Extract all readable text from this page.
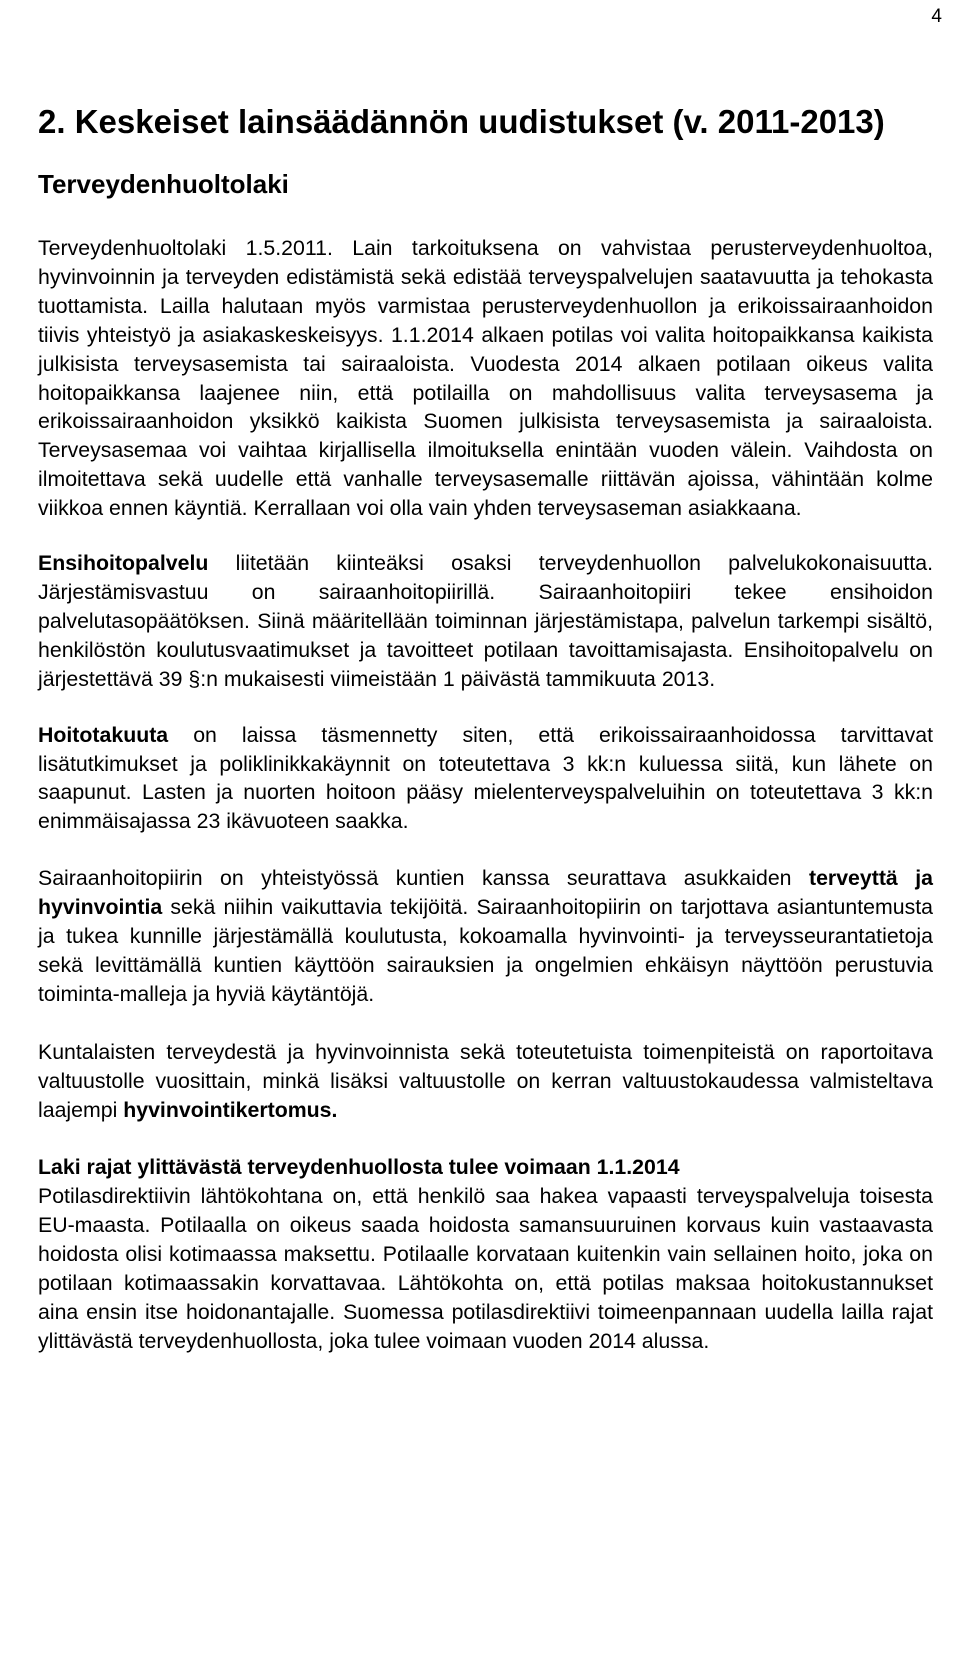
4
2. Keskeiset lainsäädännön uudistukset (v. 2011-2013)
Terveydenhuoltolaki

Terveydenhuoltolaki 1.5.2011. Lain tarkoituksena on vahvistaa perusterveydenhuoltoa, hyvinvoinnin ja terveyden edistämistä sekä edistää terveyspalvelujen saatavuutta ja tehokasta tuottamista. Lailla halutaan myös varmistaa perusterveydenhuollon ja erikoissairaanhoidon tiivis yhteistyö ja asiakaskeskeisyys. 1.1.2014 alkaen potilas voi valita hoitopaikkansa kaikista julkisista terveysasemista tai sairaaloista. Vuodesta 2014 alkaen potilaan oikeus valita hoitopaikkansa laajenee niin, että potilailla on mahdollisuus valita terveysasema ja erikoissairaanhoidon yksikkö kaikista Suomen julkisista terveysasemista ja sairaaloista. Terveysasemaa voi vaihtaa kirjallisella ilmoituksella enintään vuoden välein. Vaihdosta on ilmoitettava sekä uudelle että vanhalle terveysasemalle riittävän ajoissa, vähintään kolme viikkoa ennen käyntiä. Kerrallaan voi olla vain yhden terveysaseman asiakkaana.

Ensihoitopalvelu liitetään kiinteäksi osaksi terveydenhuollon palvelukokonaisuutta. Järjestämisvastuu on sairaanhoitopiirillä. Sairaanhoitopiiri tekee ensihoidon palvelutasopäätöksen. Siinä määritellään toiminnan järjestämistapa, palvelun tarkempi sisältö, henkilöstön koulutusvaatimukset ja tavoitteet potilaan tavoittamisajasta. Ensihoitopalvelu on järjestettävä 39 §:n mukaisesti viimeistään 1 päivästä tammikuuta 2013.

Hoitotakuuta on laissa täsmennetty siten, että erikoissairaanhoidossa tarvittavat lisätutkimukset ja poliklinikkakäynnit on toteutettava 3 kk:n kuluessa siitä, kun lähete on saapunut. Lasten ja nuorten hoitoon pääsy mielenterveyspalveluihin on toteutettava 3 kk:n enimmäisajassa 23 ikävuoteen saakka.

Sairaanhoitopiirin on yhteistyössä kuntien kanssa seurattava asukkaiden terveyttä ja hyvinvointia sekä niihin vaikuttavia tekijöitä. Sairaanhoitopiirin on tarjottava asiantuntemusta ja tukea kunnille järjestämällä koulutusta, kokoamalla hyvinvointi- ja terveysseurantatietoja sekä levittämällä kuntien käyttöön sairauksien ja ongelmien ehkäisyn näyttöön perustuvia toiminta-malleja ja hyviä käytäntöjä.

Kuntalaisten terveydestä ja hyvinvoinnista sekä toteutetuista toimenpiteistä on raportoitava valtuustolle vuosittain, minkä lisäksi valtuustolle on kerran valtuustokaudessa valmisteltava laajempi hyvinvointikertomus.

Laki rajat ylittävästä terveydenhuollosta tulee voimaan 1.1.2014
Potilasdirektiivin lähtökohtana on, että henkilö saa hakea vapaasti terveyspalveluja toisesta EU-maasta. Potilaalla on oikeus saada hoidosta samansuuruinen korvaus kuin vastaavasta hoidosta olisi kotimaassa maksettu. Potilaalle korvataan kuitenkin vain sellainen hoito, joka on potilaan kotimaassakin korvattavaa. Lähtökohta on, että potilas maksaa hoitokustannukset aina ensin itse hoidonantajalle. Suomessa potilasdirektiivi toimeenpannaan uudella lailla rajat ylittävästä terveydenhuollosta, joka tulee voimaan vuoden 2014 alussa.
